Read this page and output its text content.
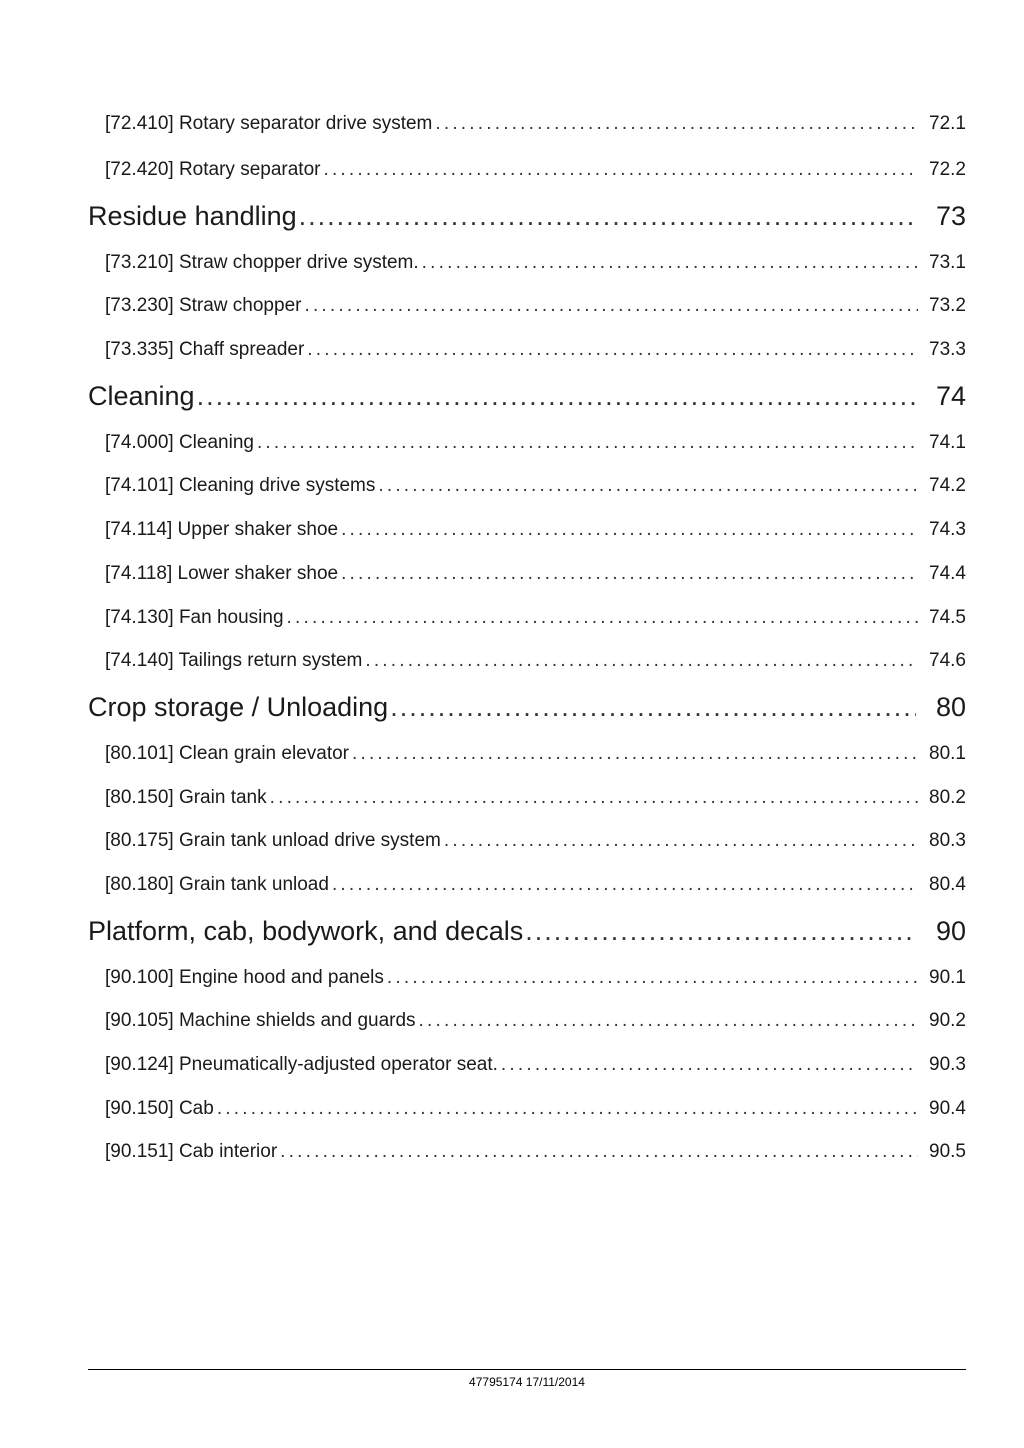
[72.410] Rotary separator drive system .....	72.1
[72.420] Rotary separator .....	72.2
Residue handling .....	73
[73.210] Straw chopper drive system. .....	73.1
[73.230] Straw chopper .....	73.2
[73.335] Chaff spreader .....	73.3
Cleaning .....	74
[74.000] Cleaning .....	74.1
[74.101] Cleaning drive systems .....	74.2
[74.114] Upper shaker shoe .....	74.3
[74.118] Lower shaker shoe .....	74.4
[74.130] Fan housing .....	74.5
[74.140] Tailings return system .....	74.6
Crop storage / Unloading .....	80
[80.101] Clean grain elevator .....	80.1
[80.150] Grain tank .....	80.2
[80.175] Grain tank unload drive system .....	80.3
[80.180] Grain tank unload .....	80.4
Platform, cab, bodywork, and decals .....	90
[90.100] Engine hood and panels .....	90.1
[90.105] Machine shields and guards .....	90.2
[90.124] Pneumatically-adjusted operator seat. .....	90.3
[90.150] Cab .....	90.4
[90.151] Cab interior .....	90.5
47795174 17/11/2014
